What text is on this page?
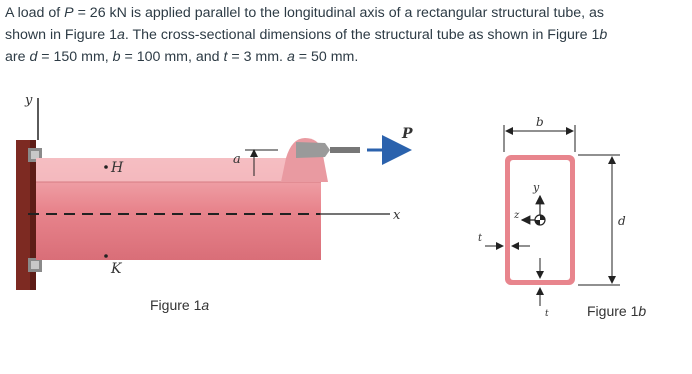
A load of P = 26 kN is applied parallel to the longitudinal axis of a rectangular structural tube, as
shown in Figure 1a. The cross-sectional dimensions of the structural tube as shown in Figure 1b
are d = 150 mm, b = 100 mm, and t = 3 mm. a = 50 mm.
y
x
H
K
a
P
b
y
z	d
t
t
Figure 1a	Figure 1b
